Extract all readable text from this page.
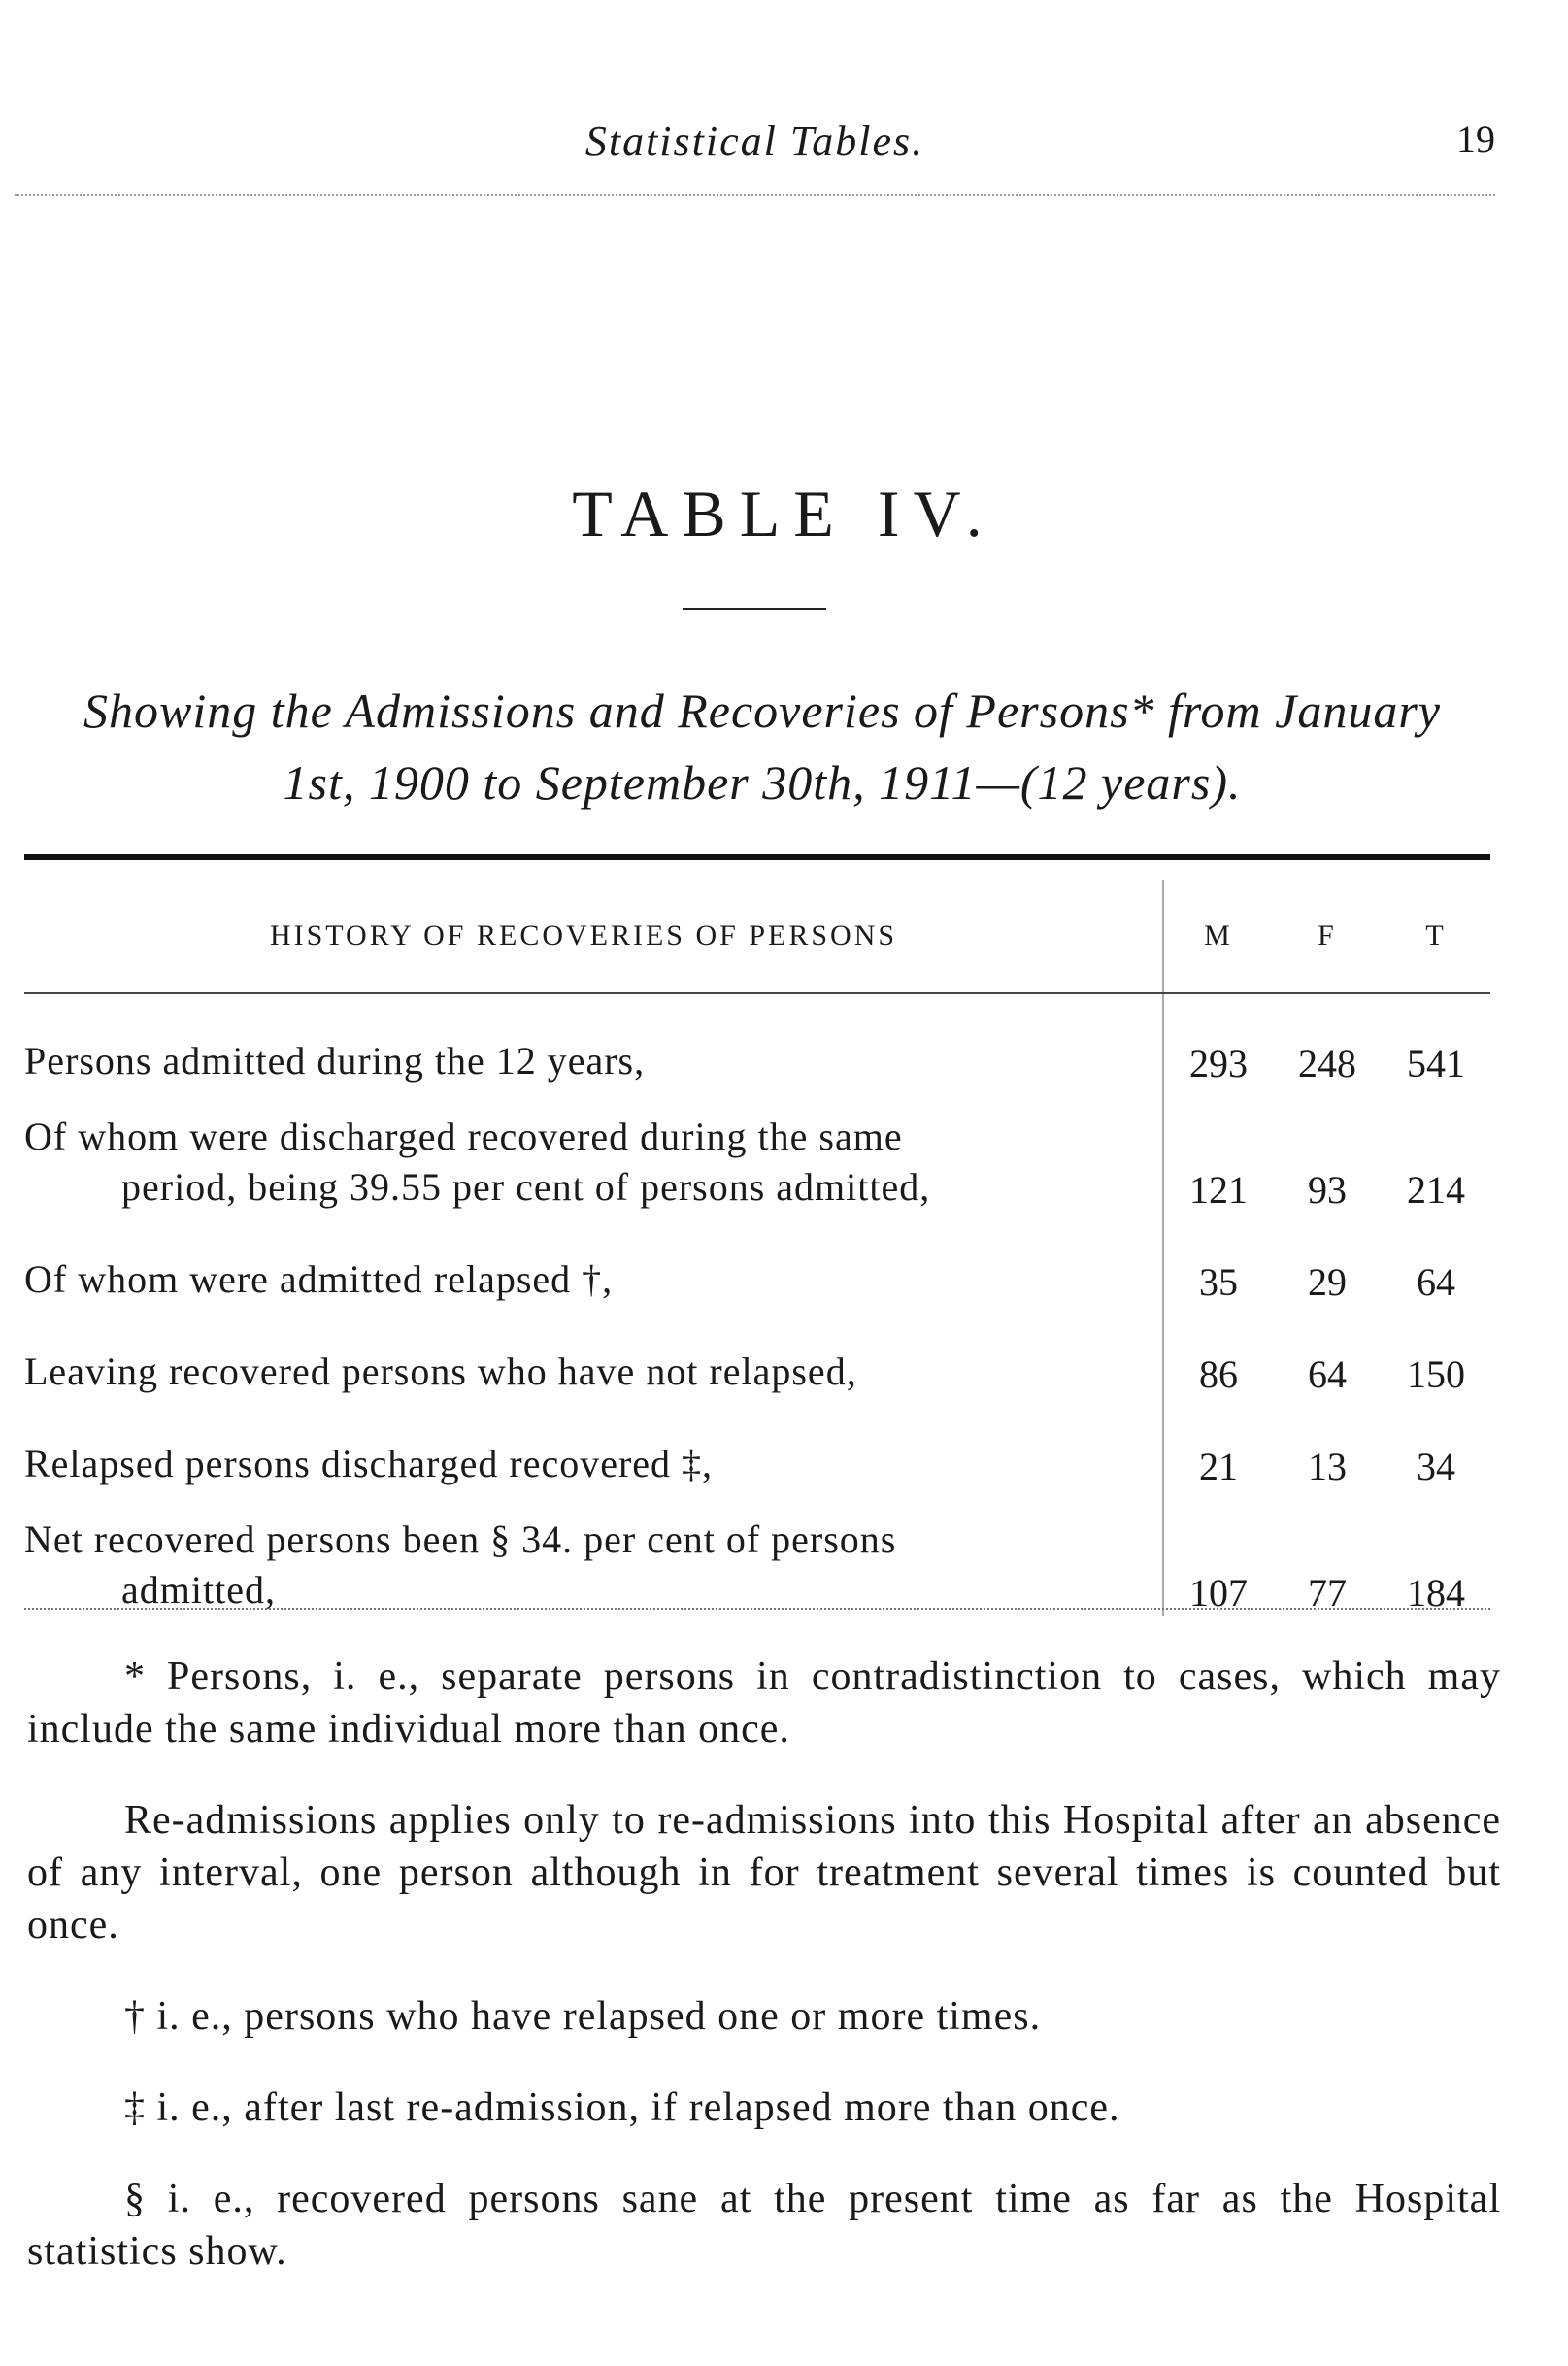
Statistical Tables.	19
TABLE IV.
Showing the Admissions and Recoveries of Persons* from January
1st, 1900 to September 30th, 1911—(12 years).
HISTORY OF RECOVERIES OF PERSONS	M	F	T

Persons admitted during the 12 years,	293	248	541

Of whom were discharged recovered during the same
period, being 39.55 per cent of persons admitted,	121	93	214

Of whom were admitted relapsed †,	35	29	64

Leaving recovered persons who have not relapsed,	86	64	150

Relapsed persons discharged recovered ‡,	21	13	34

Net recovered persons been § 34. per cent of persons
admitted,	107	77	184

* Persons, i. e., separate persons in contradistinction to cases, which may include the same individual more than once.

Re-admissions applies only to re-admissions into this Hospital after an absence of any interval, one person although in for treatment several times is counted but once.

† i. e., persons who have relapsed one or more times.

‡ i. e., after last re-admission, if relapsed more than once.

§ i. e., recovered persons sane at the present time as far as the Hospital statistics show.
